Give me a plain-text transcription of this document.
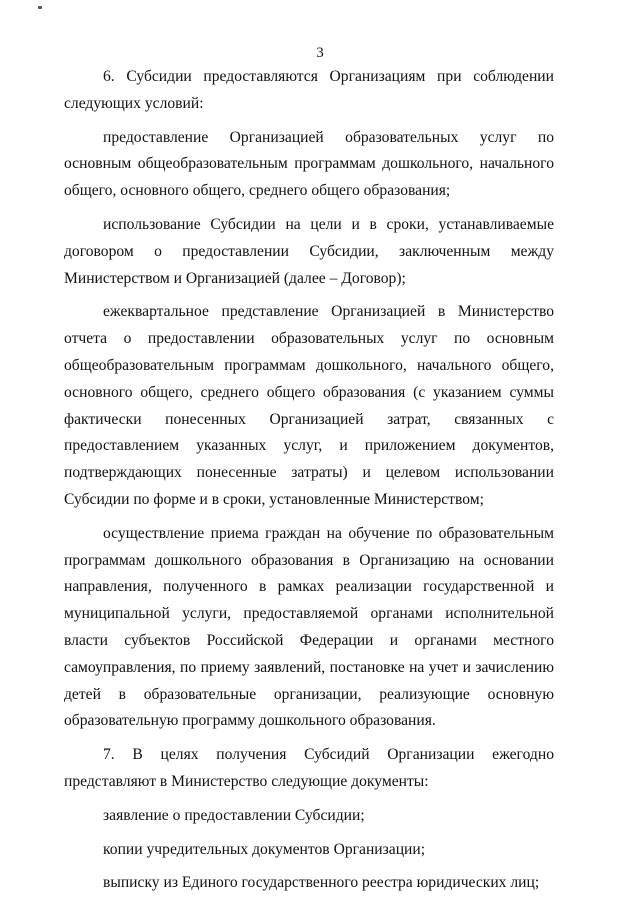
3

6. Субсидии предоставляются Организациям при соблюдении следующих условий:

предоставление Организацией образовательных услуг по основным общеобразовательным программам дошкольного, начального общего, основного общего, среднего общего образования;

использование Субсидии на цели и в сроки, устанавливаемые договором о предоставлении Субсидии, заключенным между Министерством и Организацией (далее – Договор);

ежеквартальное представление Организацией в Министерство отчета о предоставлении образовательных услуг по основным общеобразовательным программам дошкольного, начального общего, основного общего, среднего общего образования (с указанием суммы фактически понесенных Организацией затрат, связанных с предоставлением указанных услуг, и приложением документов, подтверждающих понесенные затраты) и целевом использовании Субсидии по форме и в сроки, установленные Министерством;

осуществление приема граждан на обучение по образовательным программам дошкольного образования в Организацию на основании направления, полученного в рамках реализации государственной и муниципальной услуги, предоставляемой органами исполнительной власти субъектов Российской Федерации и органами местного самоуправления, по приему заявлений, постановке на учет и зачислению детей в образовательные организации, реализующие основную образовательную программу дошкольного образования.

7. В целях получения Субсидий Организации ежегодно представляют в Министерство следующие документы:

заявление о предоставлении Субсидии;

копии учредительных документов Организации;

выписку из Единого государственного реестра юридических лиц;
